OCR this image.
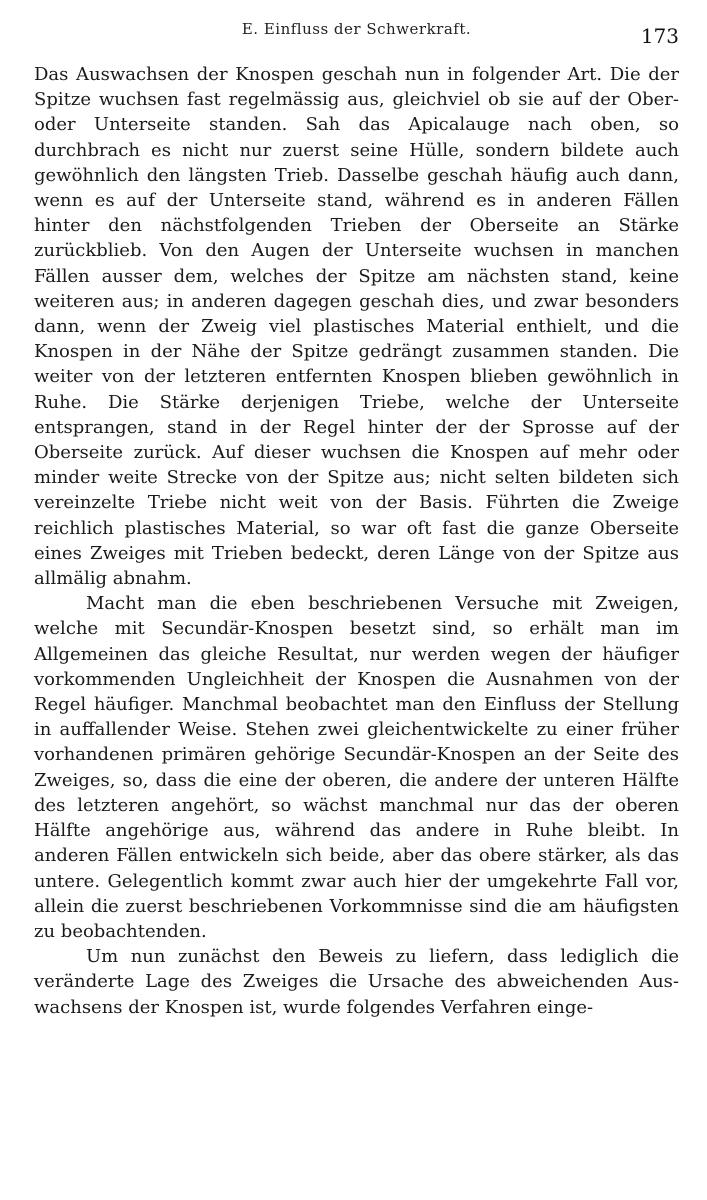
E. Einfluss der Schwerkraft.	173

Das Auswachsen der Knospen geschah nun in folgender Art. Die der Spitze wuchsen fast regelmässig aus, gleichviel ob sie auf der Ober- oder Unterseite standen. Sah das Apicalauge nach oben, so durchbrach es nicht nur zuerst seine Hülle, sondern bildete auch gewöhnlich den längsten Trieb. Dasselbe geschah häufig auch dann, wenn es auf der Unterseite stand, während es in anderen Fällen hinter den nächstfolgenden Trieben der Oberseite an Stärke zurückblieb. Von den Augen der Unterseite wuchsen in manchen Fällen ausser dem, welches der Spitze am nächsten stand, keine weiteren aus; in anderen dagegen geschah dies, und zwar besonders dann, wenn der Zweig viel plastisches Material enthielt, und die Knospen in der Nähe der Spitze gedrängt zusammen standen. Die weiter von der letzteren entfernten Knospen blieben gewöhnlich in Ruhe. Die Stärke derjenigen Triebe, welche der Unterseite entsprangen, stand in der Regel hinter der der Sprosse auf der Oberseite zurück. Auf dieser wuchsen die Knospen auf mehr oder minder weite Strecke von der Spitze aus; nicht selten bildeten sich vereinzelte Triebe nicht weit von der Basis. Führten die Zweige reichlich plastisches Material, so war oft fast die ganze Oberseite eines Zweiges mit Trieben bedeckt, deren Länge von der Spitze aus allmälig abnahm.

Macht man die eben beschriebenen Versuche mit Zweigen, welche mit Secundär-Knospen besetzt sind, so erhält man im Allgemeinen das gleiche Resultat, nur werden wegen der häufiger vorkommenden Ungleichheit der Knospen die Ausnahmen von der Regel häufiger. Manchmal beobachtet man den Einfluss der Stellung in auffallender Weise. Stehen zwei gleichentwickelte zu einer früher vorhandenen primären gehörige Secundär-Knospen an der Seite des Zweiges, so, dass die eine der oberen, die andere der unteren Hälfte des letzteren angehört, so wächst manchmal nur das der oberen Hälfte angehörige aus, während das andere in Ruhe bleibt. In anderen Fällen entwickeln sich beide, aber das obere stärker, als das untere. Gelegentlich kommt zwar auch hier der umgekehrte Fall vor, allein die zuerst beschriebenen Vorkommnisse sind die am häufigsten zu beobachtenden.

Um nun zunächst den Beweis zu liefern, dass lediglich die veränderte Lage des Zweiges die Ursache des abweichenden Auswachsens der Knospen ist, wurde folgendes Verfahren einge-
